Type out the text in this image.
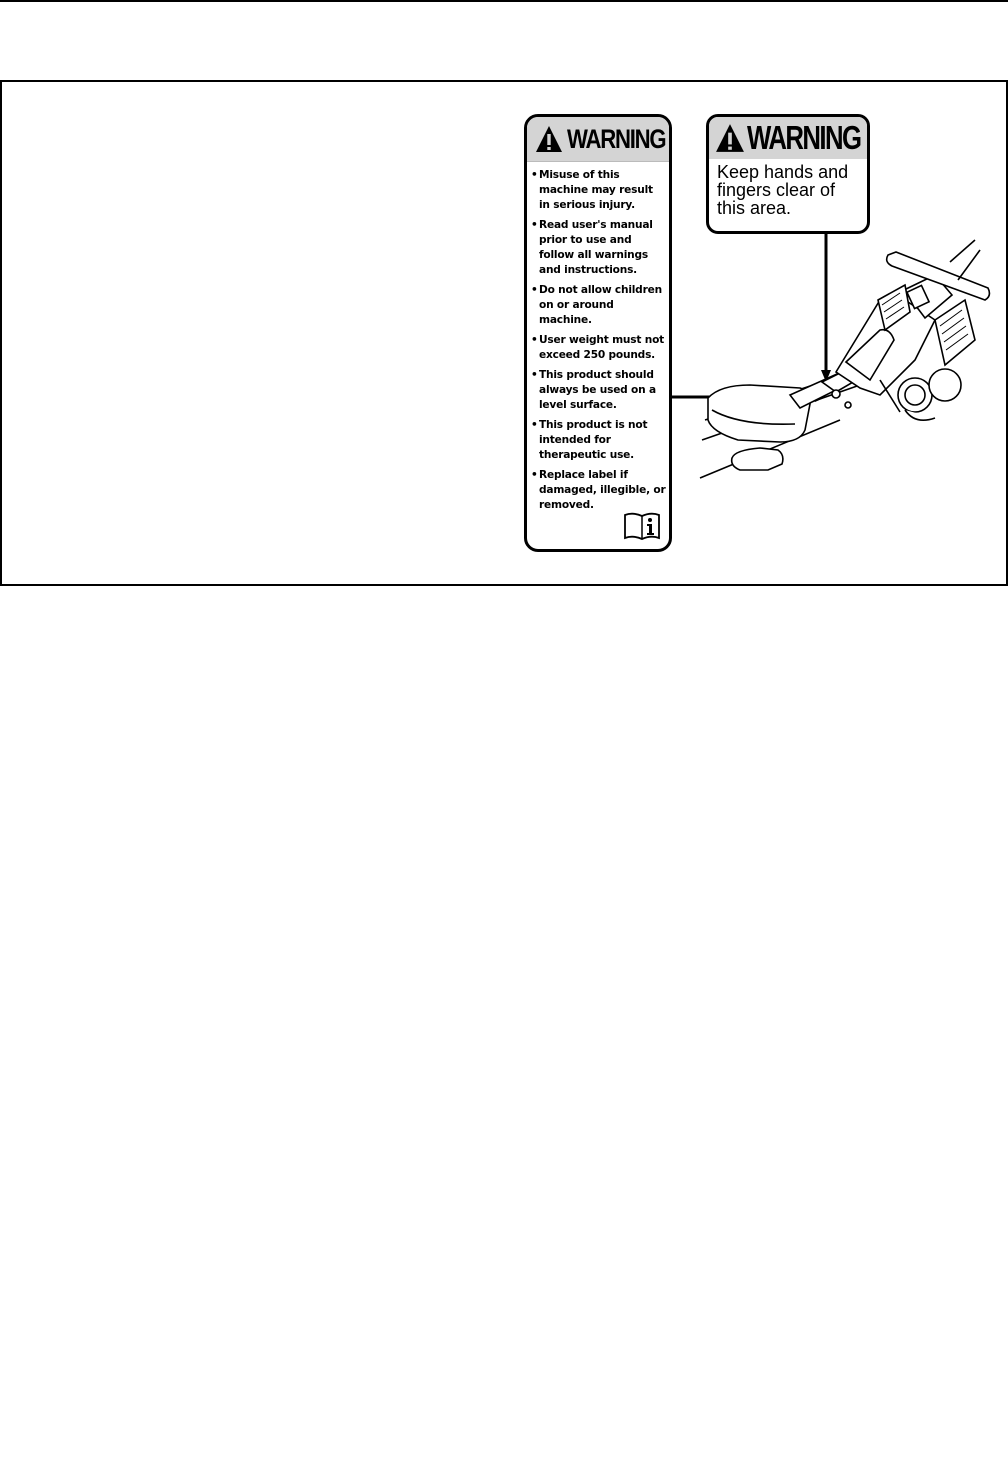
WARNING
• Misuse of this machine may result in serious injury.
• Read user's manual prior to use and follow all warnings and instructions.
• Do not allow children on or around machine.
• User weight must not exceed 250 pounds.
• This product should always be used on a level surface.
• This product is not intended for therapeutic use.
• Replace label if damaged, illegible, or removed.
WARNING
Keep hands and fingers clear of this area.
